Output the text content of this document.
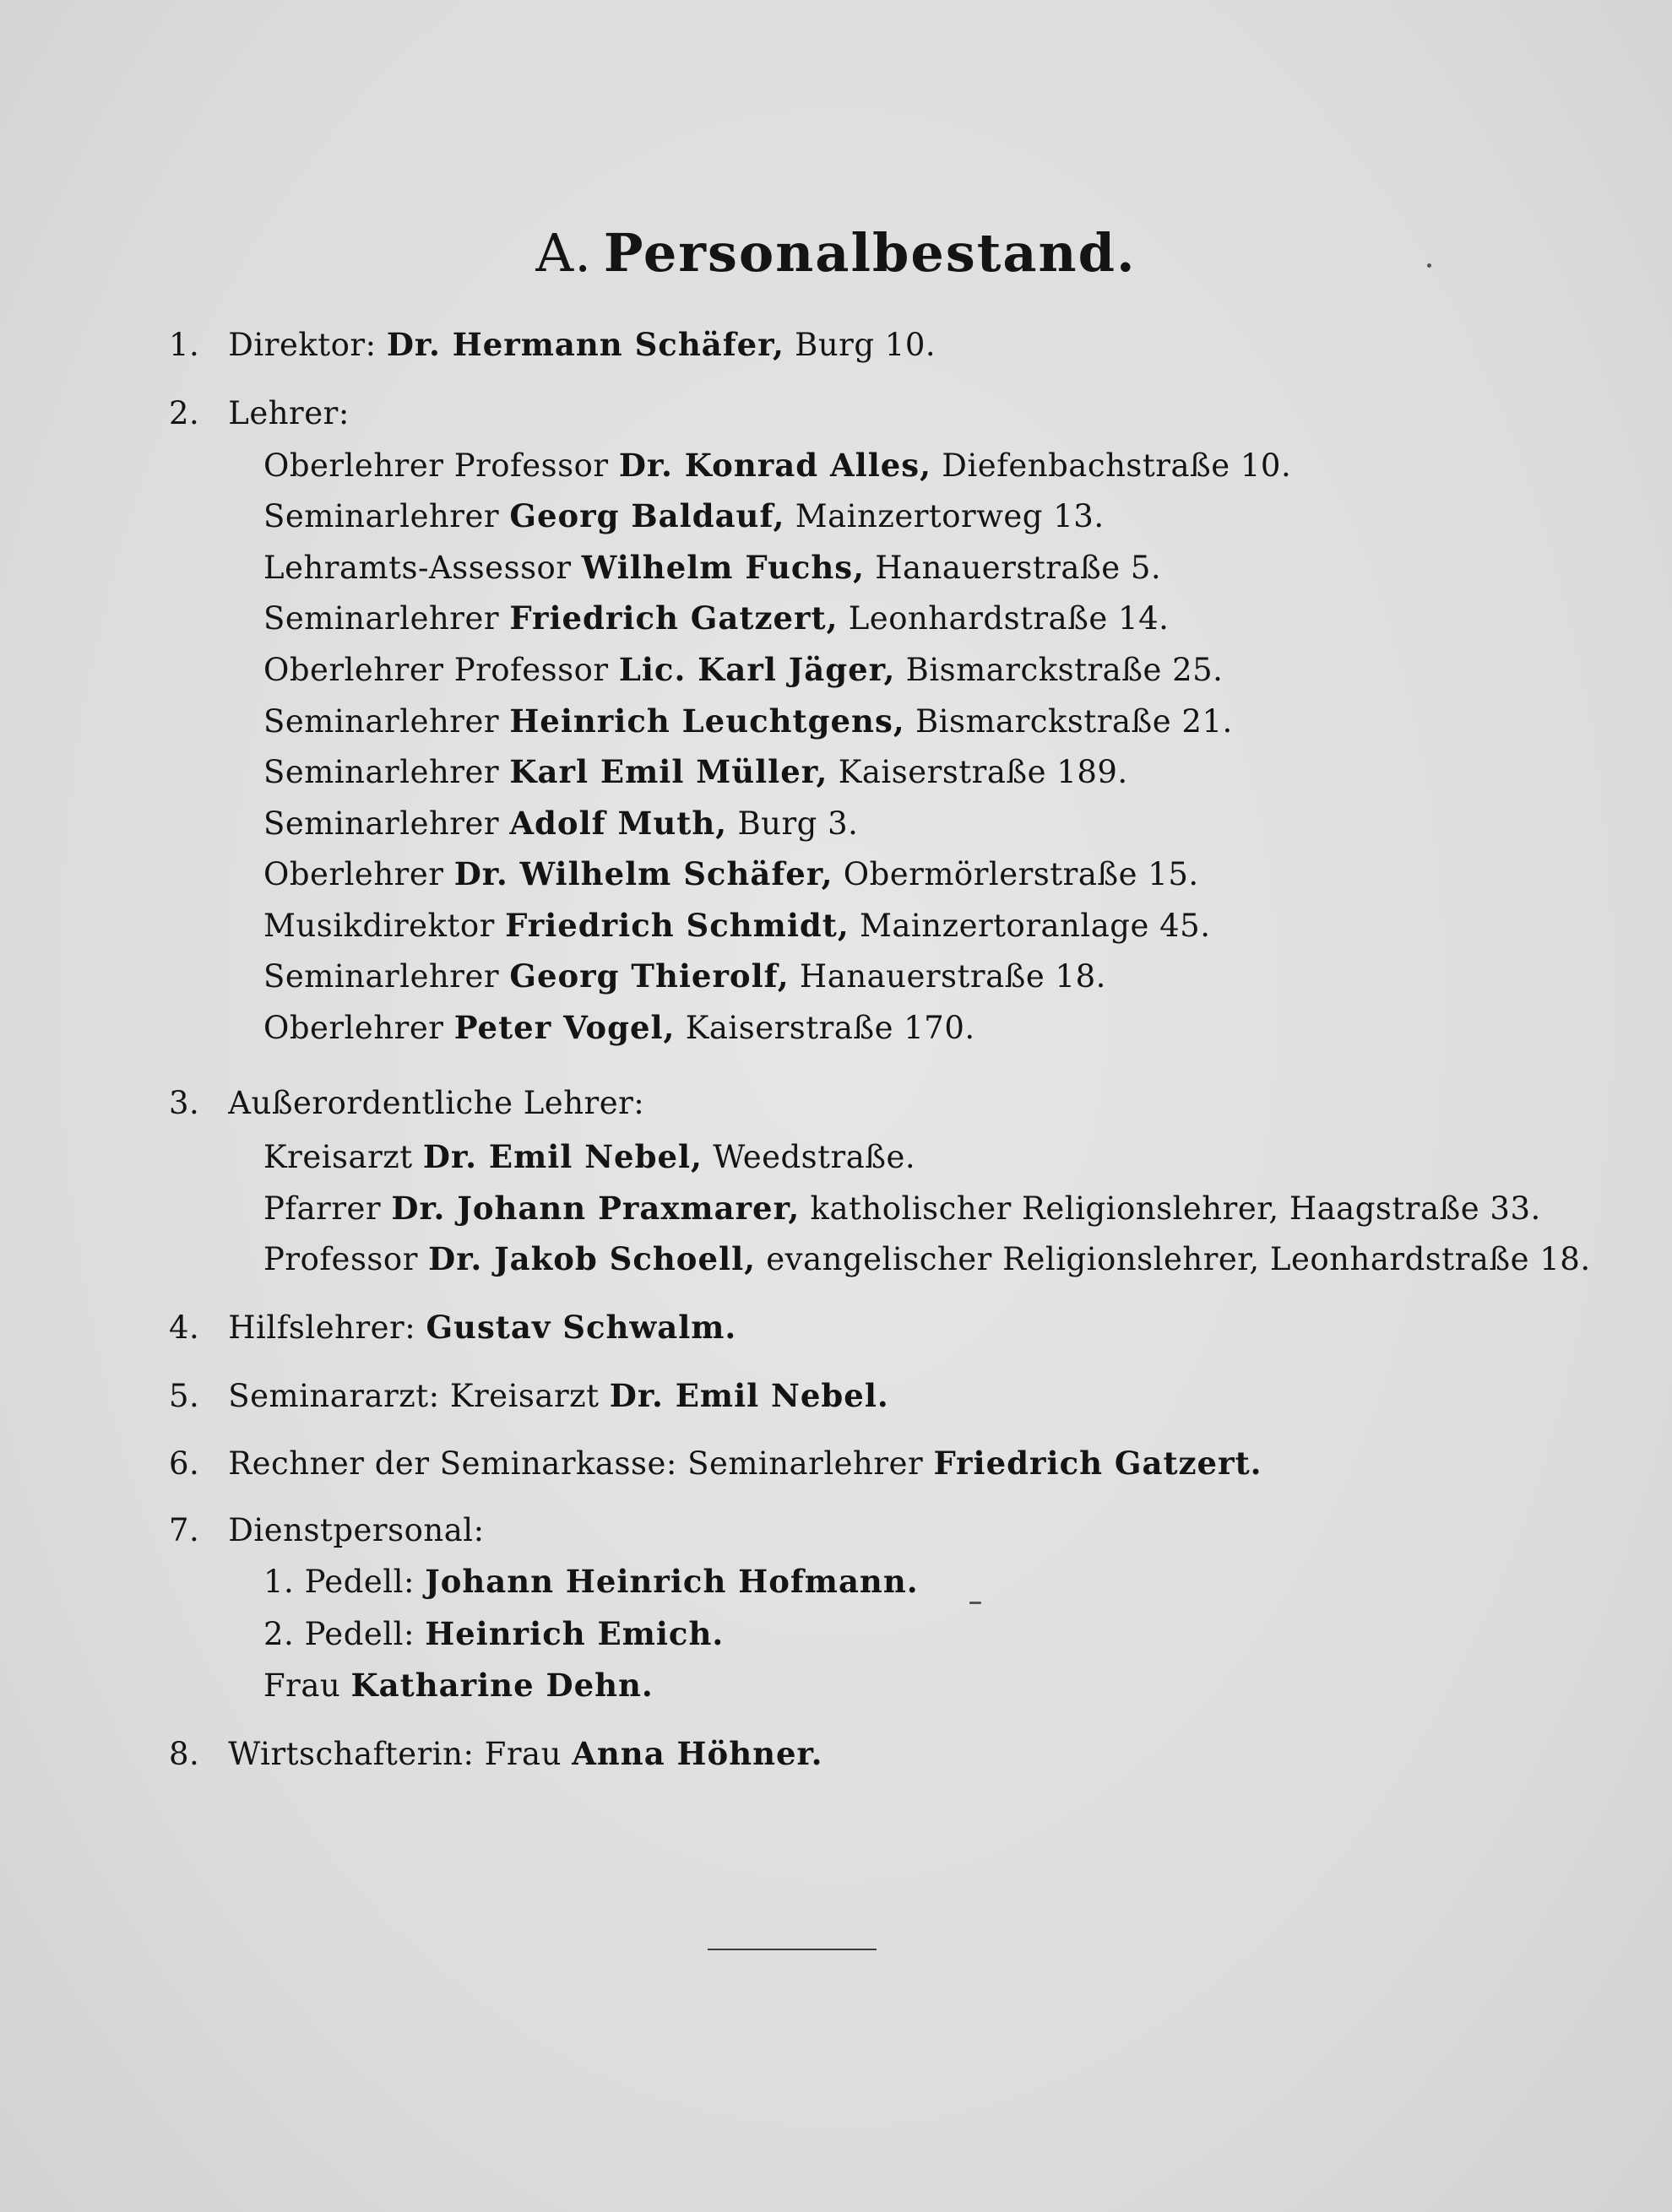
A. Personalbestand.
1. Direktor: Dr. Hermann Schäfer, Burg 10.
2. Lehrer:
Oberlehrer Professor Dr. Konrad Alles, Diefenbachstraße 10.
Seminarlehrer Georg Baldauf, Mainzertorweg 13.
Lehramts-Assessor Wilhelm Fuchs, Hanauerstraße 5.
Seminarlehrer Friedrich Gatzert, Leonhardstraße 14.
Oberlehrer Professor Lic. Karl Jäger, Bismarckstraße 25.
Seminarlehrer Heinrich Leuchtgens, Bismarckstraße 21.
Seminarlehrer Karl Emil Müller, Kaiserstraße 189.
Seminarlehrer Adolf Muth, Burg 3.
Oberlehrer Dr. Wilhelm Schäfer, Obermörlerstraße 15.
Musikdirektor Friedrich Schmidt, Mainzertoranlage 45.
Seminarlehrer Georg Thierolf, Hanauerstraße 18.
Oberlehrer Peter Vogel, Kaiserstraße 170.
3. Außerordentliche Lehrer:
Kreisarzt Dr. Emil Nebel, Weedstraße.
Pfarrer Dr. Johann Praxmarer, katholischer Religionslehrer, Haagstraße 33.
Professor Dr. Jakob Schoell, evangelischer Religionslehrer, Leonhardstraße 18.
4. Hilfslehrer: Gustav Schwalm.
5. Seminararzt: Kreisarzt Dr. Emil Nebel.
6. Rechner der Seminarkasse: Seminarlehrer Friedrich Gatzert.
7. Dienstpersonal:
1. Pedell: Johann Heinrich Hofmann.
2. Pedell: Heinrich Emich.
Frau Katharine Dehn.
8. Wirtschafterin: Frau Anna Höhner.
